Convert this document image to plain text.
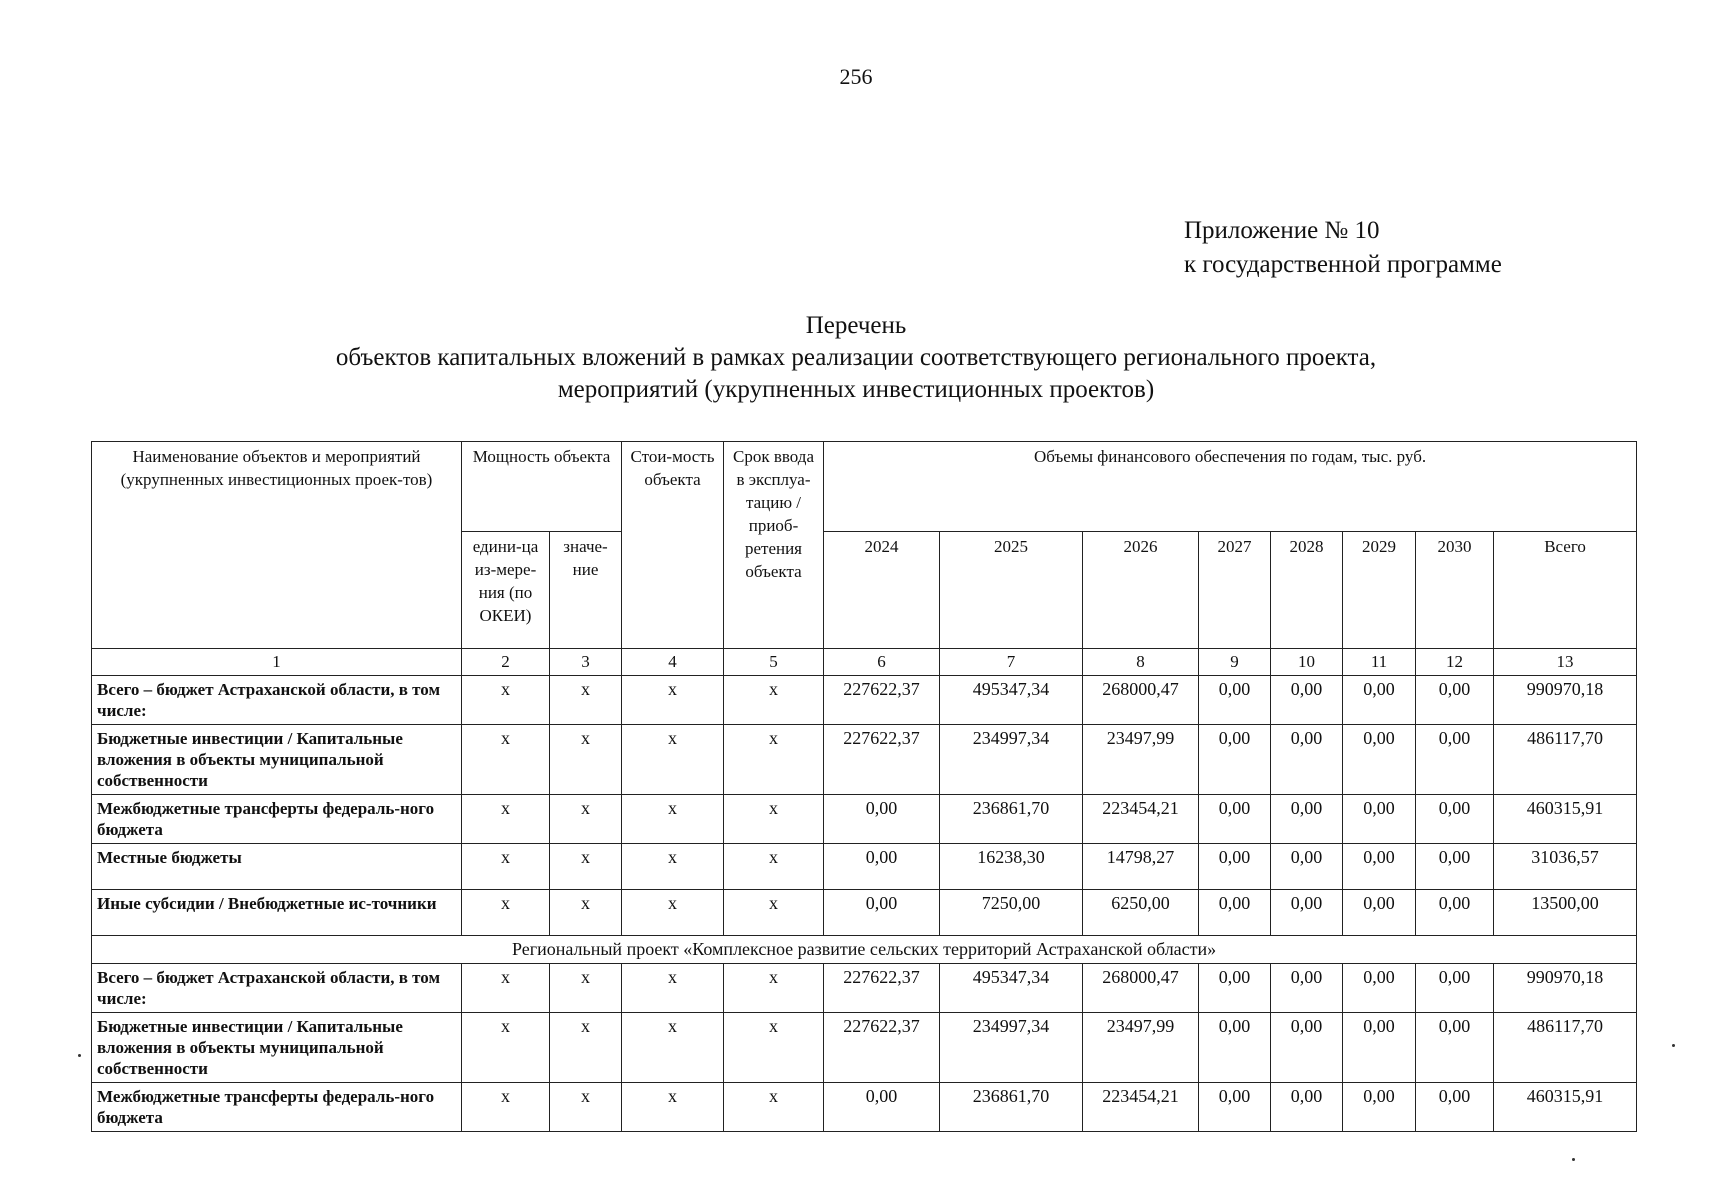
256
Приложение № 10
к государственной программе
Перечень
объектов капитальных вложений в рамках реализации соответствующего регионального проекта,
мероприятий (укрупненных инвестиционных проектов)
Наименование объектов и мероприятий (укрупненных инвестиционных проек-тов)	Мощность объекта		Стои-мость объекта	Срок ввода в эксплуа-тацию / приоб-ретения объекта	Объемы финансового обеспечения по годам, тыс. руб.							
	едини-ца из-мере-ния (по ОКЕИ)	значе-ние			2024	2025	2026	2027	2028	2029	2030	Всего
1	2	3	4	5	6	7	8	9	10	11	12	13
Всего – бюджет Астраханской области, в том числе:	x	x	x	x	227622,37	495347,34	268000,47	0,00	0,00	0,00	0,00	990970,18
Бюджетные инвестиции / Капитальные вложения в объекты муниципальной собственности	x	x	x	x	227622,37	234997,34	23497,99	0,00	0,00	0,00	0,00	486117,70
Межбюджетные трансферты федераль-ного бюджета	x	x	x	x	0,00	236861,70	223454,21	0,00	0,00	0,00	0,00	460315,91
Местные бюджеты	x	x	x	x	0,00	16238,30	14798,27	0,00	0,00	0,00	0,00	31036,57
Иные субсидии / Внебюджетные ис-точники	x	x	x	x	0,00	7250,00	6250,00	0,00	0,00	0,00	0,00	13500,00
Региональный проект «Комплексное развитие сельских территорий Астраханской области»												
Всего – бюджет Астраханской области, в том числе:	x	x	x	x	227622,37	495347,34	268000,47	0,00	0,00	0,00	0,00	990970,18
Бюджетные инвестиции / Капитальные вложения в объекты муниципальной собственности	x	x	x	x	227622,37	234997,34	23497,99	0,00	0,00	0,00	0,00	486117,70
Межбюджетные трансферты федераль-ного бюджета	x	x	x	x	0,00	236861,70	223454,21	0,00	0,00	0,00	0,00	460315,91
